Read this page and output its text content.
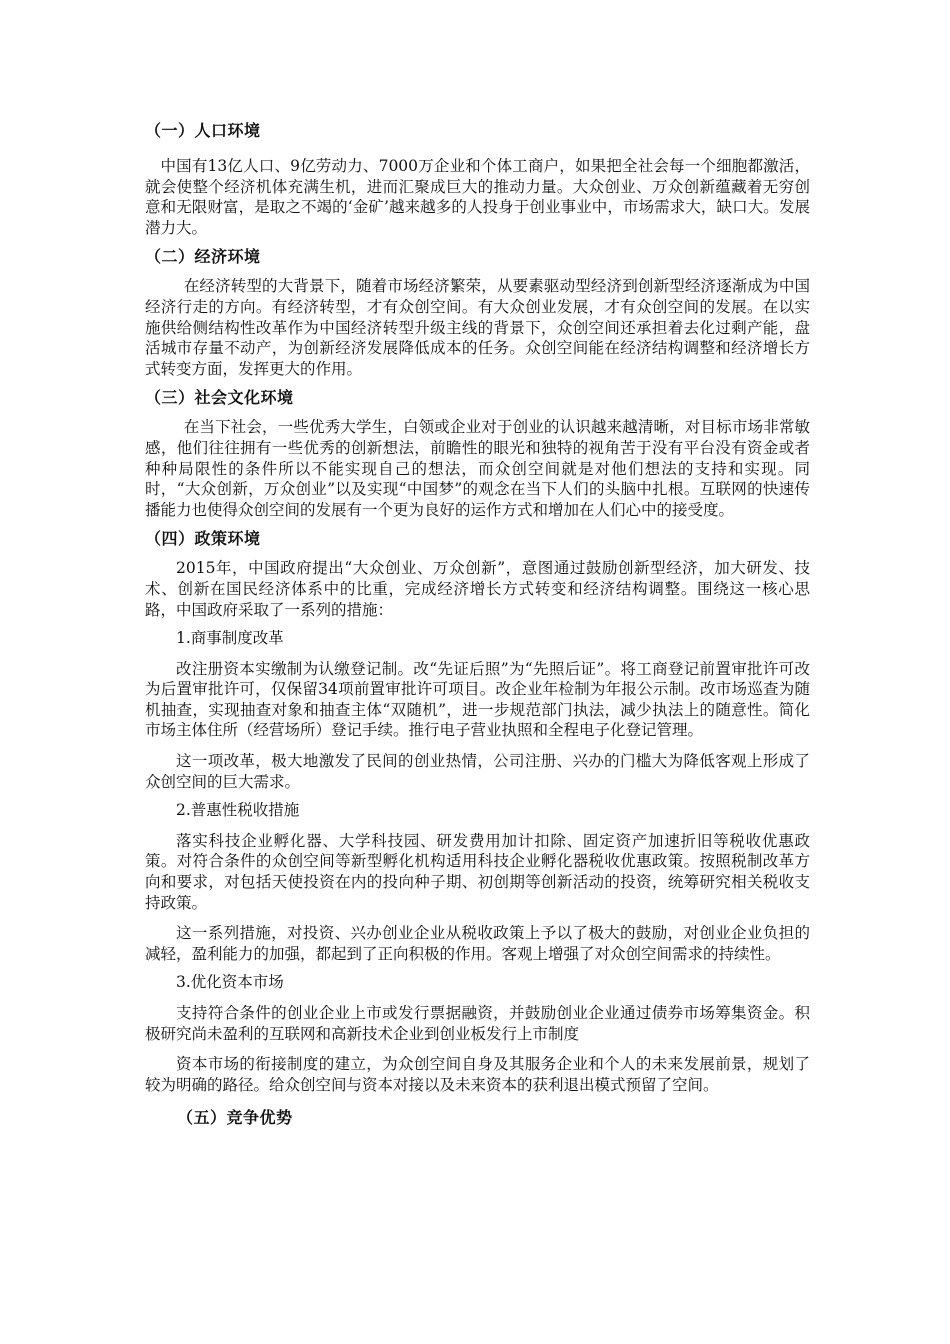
（一）人口环境
中国有13亿人口、9亿劳动力、7000万企业和个体工商户，如果把全社会每一个细胞都激活，就会使整个经济机体充满生机，进而汇聚成巨大的推动力量。大众创业、万众创新蕴藏着无穷创意和无限财富，是取之不竭的‘金矿’越来越多的人投身于创业事业中，市场需求大，缺口大。发展潜力大。
（二）经济环境
在经济转型的大背景下，随着市场经济繁荣，从要素驱动型经济到创新型经济逐渐成为中国经济行走的方向。有经济转型，才有众创空间。有大众创业发展，才有众创空间的发展。在以实施供给侧结构性改革作为中国经济转型升级主线的背景下，众创空间还承担着去化过剩产能，盘活城市存量不动产，为创新经济发展降低成本的任务。众创空间能在经济结构调整和经济增长方式转变方面，发挥更大的作用。
（三）社会文化环境
在当下社会，一些优秀大学生，白领或企业对于创业的认识越来越清晰，对目标市场非常敏感，他们往往拥有一些优秀的创新想法，前瞻性的眼光和独特的视角苦于没有平台没有资金或者种种局限性的条件所以不能实现自己的想法，而众创空间就是对他们想法的支持和实现。同时，“大众创新，万众创业”以及实现“中国梦”的观念在当下人们的头脑中扎根。互联网的快速传播能力也使得众创空间的发展有一个更为良好的运作方式和增加在人们心中的接受度。
（四）政策环境
2015年，中国政府提出“大众创业、万众创新”，意图通过鼓励创新型经济，加大研发、技术、创新在国民经济体系中的比重，完成经济增长方式转变和经济结构调整。围绕这一核心思路，中国政府采取了一系列的措施：
1.商事制度改革
改注册资本实缴制为认缴登记制。改“先证后照”为“先照后证”。将工商登记前置审批许可改为后置审批许可，仅保留34项前置审批许可项目。改企业年检制为年报公示制。改市场巡查为随机抽查，实现抽查对象和抽查主体“双随机”，进一步规范部门执法，减少执法上的随意性。简化市场主体住所（经营场所）登记手续。推行电子营业执照和全程电子化登记管理。
这一项改革，极大地激发了民间的创业热情，公司注册、兴办的门槛大为降低客观上形成了众创空间的巨大需求。
2.普惠性税收措施
落实科技企业孵化器、大学科技园、研发费用加计扣除、固定资产加速折旧等税收优惠政策。对符合条件的众创空间等新型孵化机构适用科技企业孵化器税收优惠政策。按照税制改革方向和要求，对包括天使投资在内的投向种子期、初创期等创新活动的投资，统筹研究相关税收支持政策。
这一系列措施，对投资、兴办创业企业从税收政策上予以了极大的鼓励，对创业企业负担的减轻，盈利能力的加强，都起到了正向积极的作用。客观上增强了对众创空间需求的持续性。
3.优化资本市场
支持符合条件的创业企业上市或发行票据融资，并鼓励创业企业通过债券市场筹集资金。积极研究尚未盈利的互联网和高新技术企业到创业板发行上市制度
资本市场的衔接制度的建立，为众创空间自身及其服务企业和个人的未来发展前景，规划了较为明确的路径。给众创空间与资本对接以及未来资本的获利退出模式预留了空间。
（五）竞争优势
